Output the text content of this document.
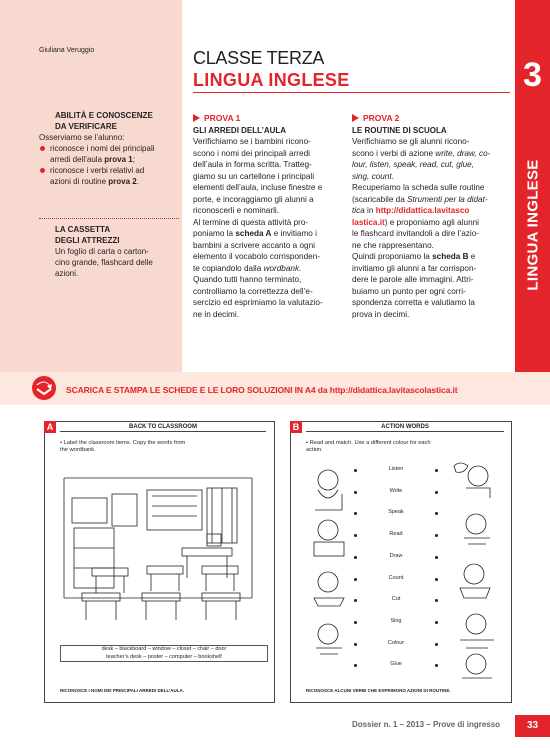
3
LINGUA INGLESE
Giuliana Veruggio
ABILITÀ E CONOSCENZE
DA VERIFICARE
Osserviamo se l’alunno:
riconosce i nomi dei principali
arredi dell’aula prova 1;
riconosce i verbi relativi ad
azioni di routine prova 2.
LA CASSETTA
DEGLI ATTREZZI
Un foglio di carta o carton-
cino grande, flashcard delle
azioni.
CLASSE TERZA
LINGUA INGLESE
PROVA 1
GLI ARREDI DELL’AULA
Verifichiamo se i bambini ricono-
scono i nomi dei principali arredi
dell’aula in forma scritta. Tratteg-
giamo su un cartellone i principali
elementi dell’aula, incluse finestre e
porte, e incoraggiamo gli alunni a
riconoscerli e nominarli.
Al termine di questa attività pro-
poniamo la scheda A e invitiamo i
bambini a scrivere accanto a ogni
elemento il vocabolo corrisponden-
te copiandolo dalla wordbank.
Quando tutti hanno terminato,
controlliamo la correttezza dell’e-
sercizio ed esprimiamo la valutazio-
ne in decimi.
PROVA 2
LE ROUTINE DI SCUOLA
Verifichiamo se gli alunni ricono-
scono i verbi di azione write, draw, co-
lour, listen, speak, read, cut, glue,
sing, count.
Recuperiamo la scheda sulle routine
(scaricabile da Strumenti per la didat-
tica in http://didattica.lavitasco
lastica.it) e proponiamo agli alunni
le flashcard invitandoli a dire l’azio-
ne che rappresentano.
Quindi proponiamo la scheda B e
invitiamo gli alunni a far corrispon-
dere le parole alle immagini. Attri-
buiamo un punto per ogni corri-
spondenza corretta e valutiamo la
prova in decimi.
SCARICA E STAMPA LE SCHEDE E LE LORO SOLUZIONI IN A4 da http://didattica.lavitascolastica.it
A	BACK TO CLASSROOM
• Label the classroom items. Copy the words from
the wordbank.
desk – blackboard – window – closet – chair – door
teacher’s desk – poster – computer – bookshelf
RICONOSCE I NOMI DEI PRINCIPALI ARREDI DELL’AULA.
B	ACTION WORDS
• Read and match. Use a different colour for each
action.
Listen
Write
Speak
Read
Draw
Count
Cut
Sing
Colour
Glue
RICONOSCE ALCUNI VERBI CHE ESPRIMONO AZIONI DI ROUTINE.
Dossier n. 1 – 2013 – Prove di ingresso	33
